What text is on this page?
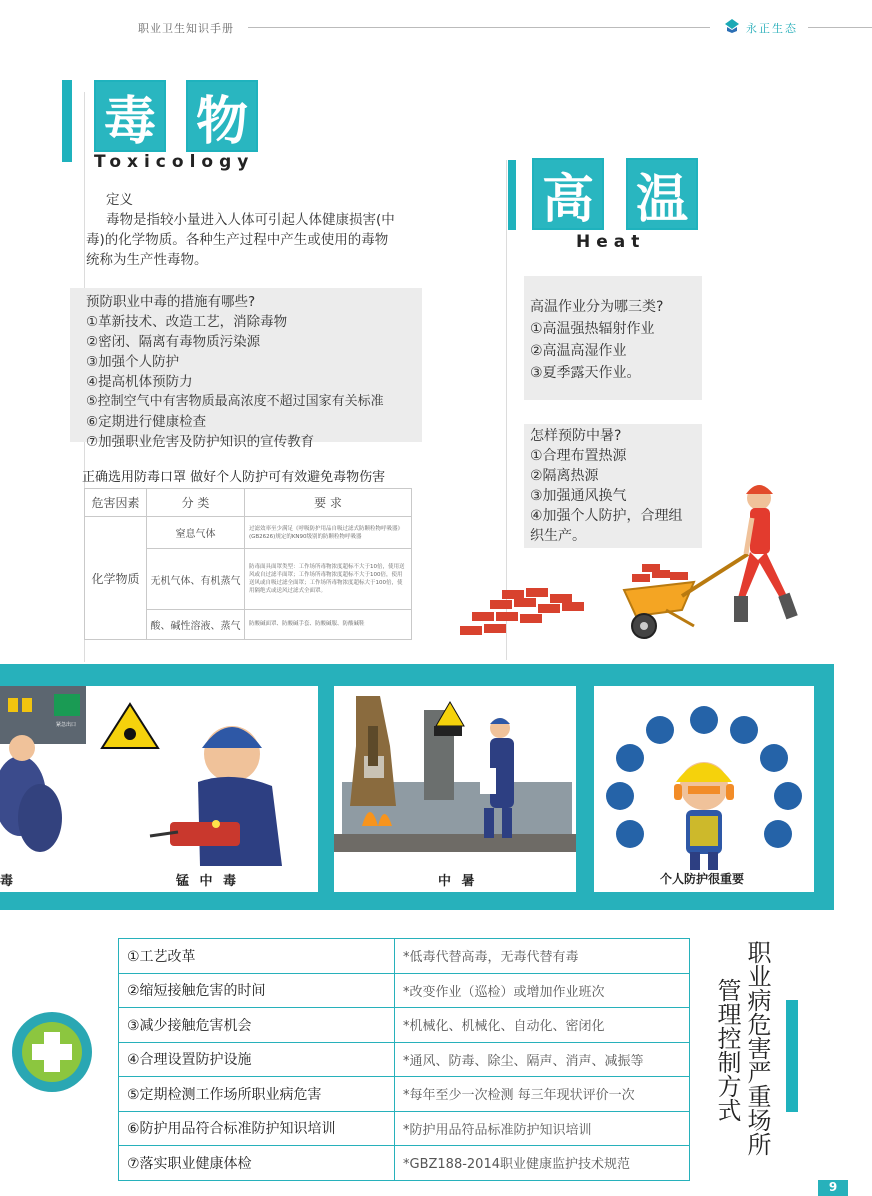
职业卫生知识手册	永正生态
毒 物
Toxicology
定义
毒物是指较小量进入人体可引起人体健康损害(中
毒)的化学物质。各种生产过程中产生或使用的毒物
统称为生产性毒物。
预防职业中毒的措施有哪些?
①革新技术、改造工艺，消除毒物
②密闭、隔离有毒物质污染源
③加强个人防护
④提高机体预防力
⑤控制空气中有害物质最高浓度不超过国家有关标准
⑥定期进行健康检查
⑦加强职业危害及防护知识的宣传教育
正确选用防毒口罩 做好个人防护可有效避免毒物伤害
危害因素	分 类	要 求
化学物质	窒息气体	过滤效率至少满足《呼吸防护用品自吸过滤式防颗粒物呼吸器》(GB2626)规定的KN90级别的防颗粒物呼吸器
	无机气体、有机蒸气	防毒面具面罩类型：工作场所毒物浓度超标不大于10倍，使用送风或自过滤半面罩；工作场所毒物浓度超标不大于100倍，使用送风或自吸过滤全面罩；工作场所毒物浓度超标大于100倍，使用隔绝式或送风过滤式全面罩。
	酸、碱性溶液、蒸气	防酸碱面罩、防酸碱手套、防酸碱服、防酸碱鞋
高 温
Heat
高温作业分为哪三类?
①高温强热辐射作业
②高温高湿作业
③夏季露天作业。
怎样预防中暑?
①合理布置热源
②隔离热源
③加强通风换气
④加强个人防护，合理组
织生产。
紧急出口
毒	锰 中 毒	中 暑	个人防护很重要
①工艺改革	*低毒代替高毒，无毒代替有毒
②缩短接触危害的时间	*改变作业（巡检）或增加作业班次
③减少接触危害机会	*机械化、机械化、自动化、密闭化
④合理设置防护设施	*通风、防毒、除尘、隔声、消声、减振等
⑤定期检测工作场所职业病危害	*每年至少一次检测 每三年现状评价一次
⑥防护用品符合标准防护知识培训	*防护用品符品标准防护知识培训
⑦落实职业健康体检	*GBZ188-2014职业健康监护技术规范
职业病危害严重场所
管理控制方式
9
